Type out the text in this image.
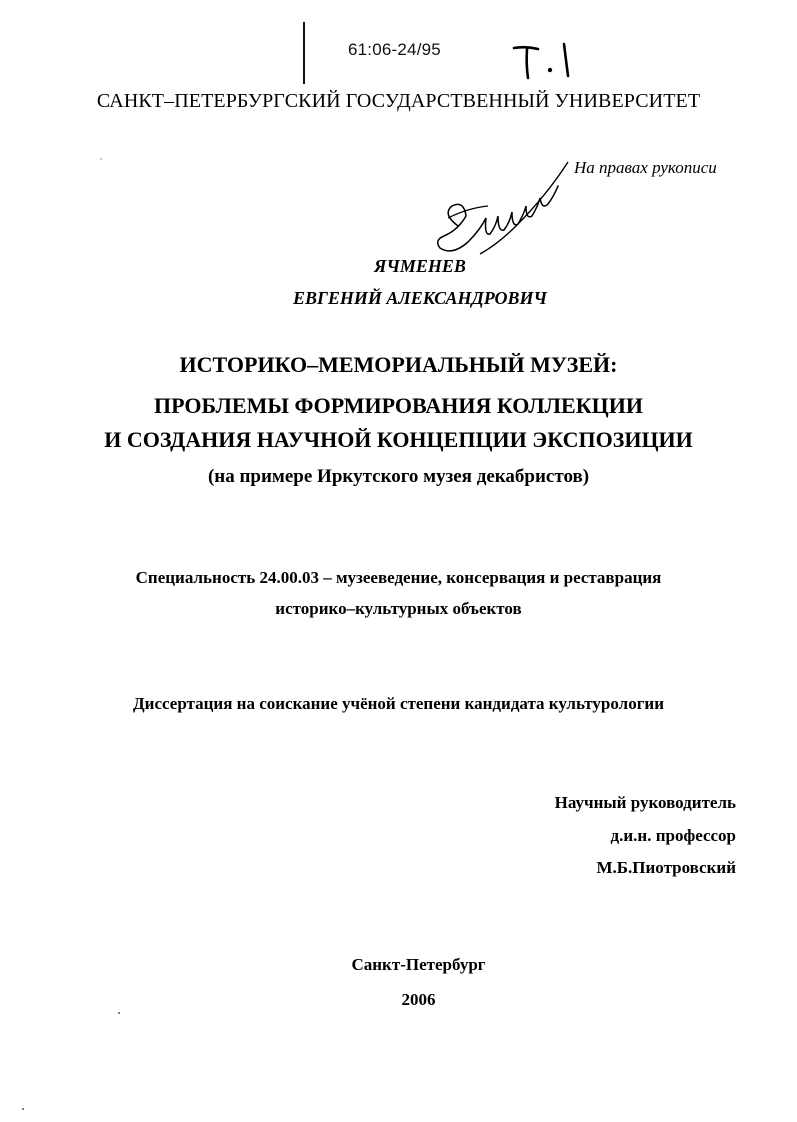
61:06-24/95
САНКТ–ПЕТЕРБУРГСКИЙ ГОСУДАРСТВЕННЫЙ УНИВЕРСИТЕТ
На правах рукописи
ЯЧМЕНЕВ
ЕВГЕНИЙ АЛЕКСАНДРОВИЧ
ИСТОРИКО–МЕМОРИАЛЬНЫЙ МУЗЕЙ:
ПРОБЛЕМЫ ФОРМИРОВАНИЯ КОЛЛЕКЦИИ
И СОЗДАНИЯ НАУЧНОЙ КОНЦЕПЦИИ ЭКСПОЗИЦИИ
(на примере Иркутского музея декабристов)
Специальность 24.00.03 – музееведение, консервация и реставрация
историко–культурных объектов
Диссертация на соискание учёной степени кандидата культурологии
Научный руководитель
д.и.н. профессор
М.Б.Пиотровский
Санкт-Петербург
2006
